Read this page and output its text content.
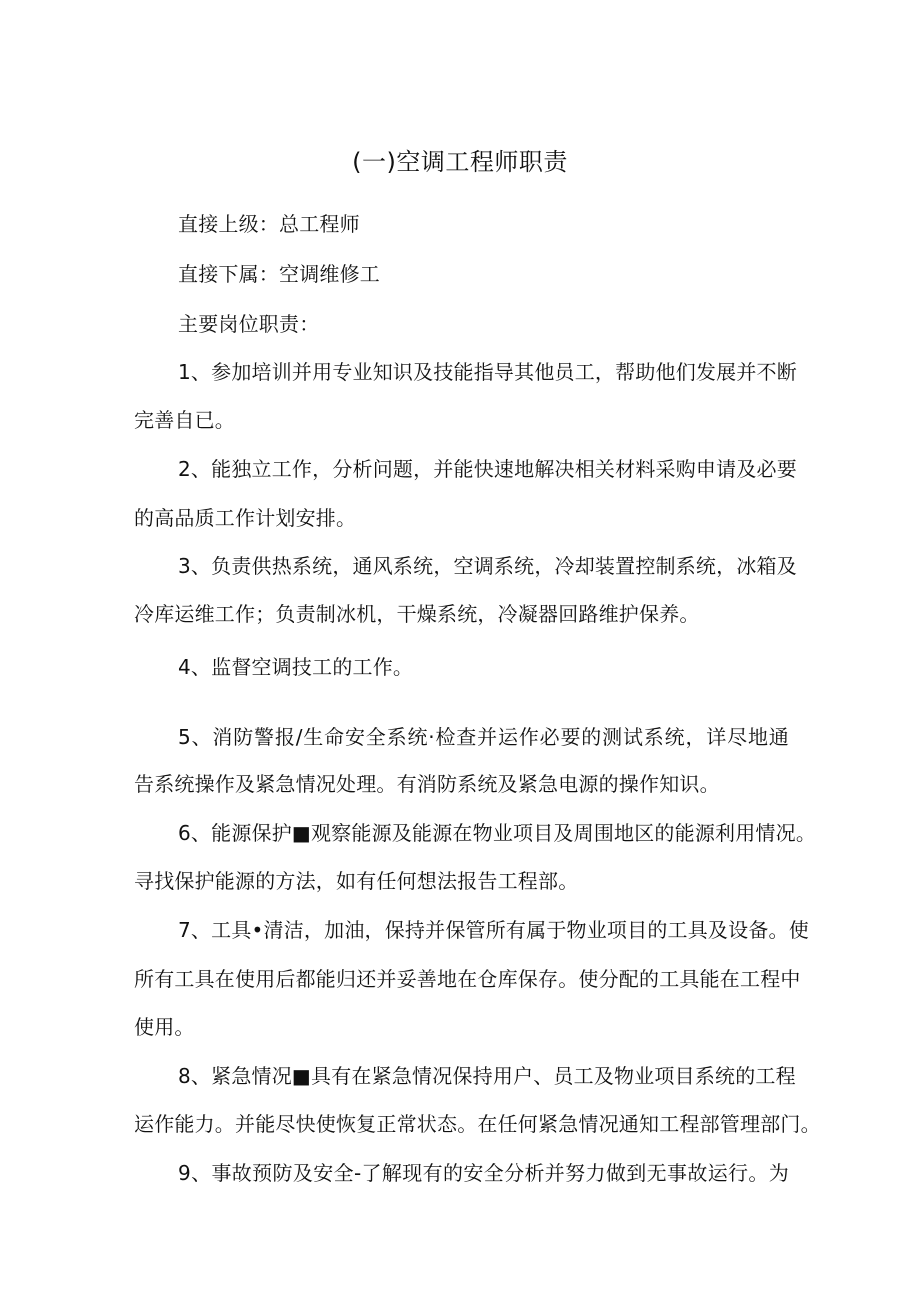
(一)空调工程师职责
直接上级：总工程师
直接下属：空调维修工
主要岗位职责：
1、参加培训并用专业知识及技能指导其他员工，帮助他们发展并不断
完善自已。
2、能独立工作，分析问题，并能快速地解决相关材料采购申请及必要
的高品质工作计划安排。
3、负责供热系统，通风系统，空调系统，冷却装置控制系统，冰箱及
冷库运维工作；负责制冰机，干燥系统，冷凝器回路维护保养。
4、监督空调技工的工作。
5、消防警报/生命安全系统·检查并运作必要的测试系统，详尽地通
告系统操作及紧急情况处理。有消防系统及紧急电源的操作知识。
6、能源保护■观察能源及能源在物业项目及周围地区的能源利用情况。
寻找保护能源的方法，如有任何想法报告工程部。
7、工具•清洁，加油，保持并保管所有属于物业项目的工具及设备。使
所有工具在使用后都能归还并妥善地在仓库保存。使分配的工具能在工程中
使用。
8、紧急情况■具有在紧急情况保持用户、员工及物业项目系统的工程
运作能力。并能尽快使恢复正常状态。在任何紧急情况通知工程部管理部门。
9、事故预防及安全-了解现有的安全分析并努力做到无事故运行。为
